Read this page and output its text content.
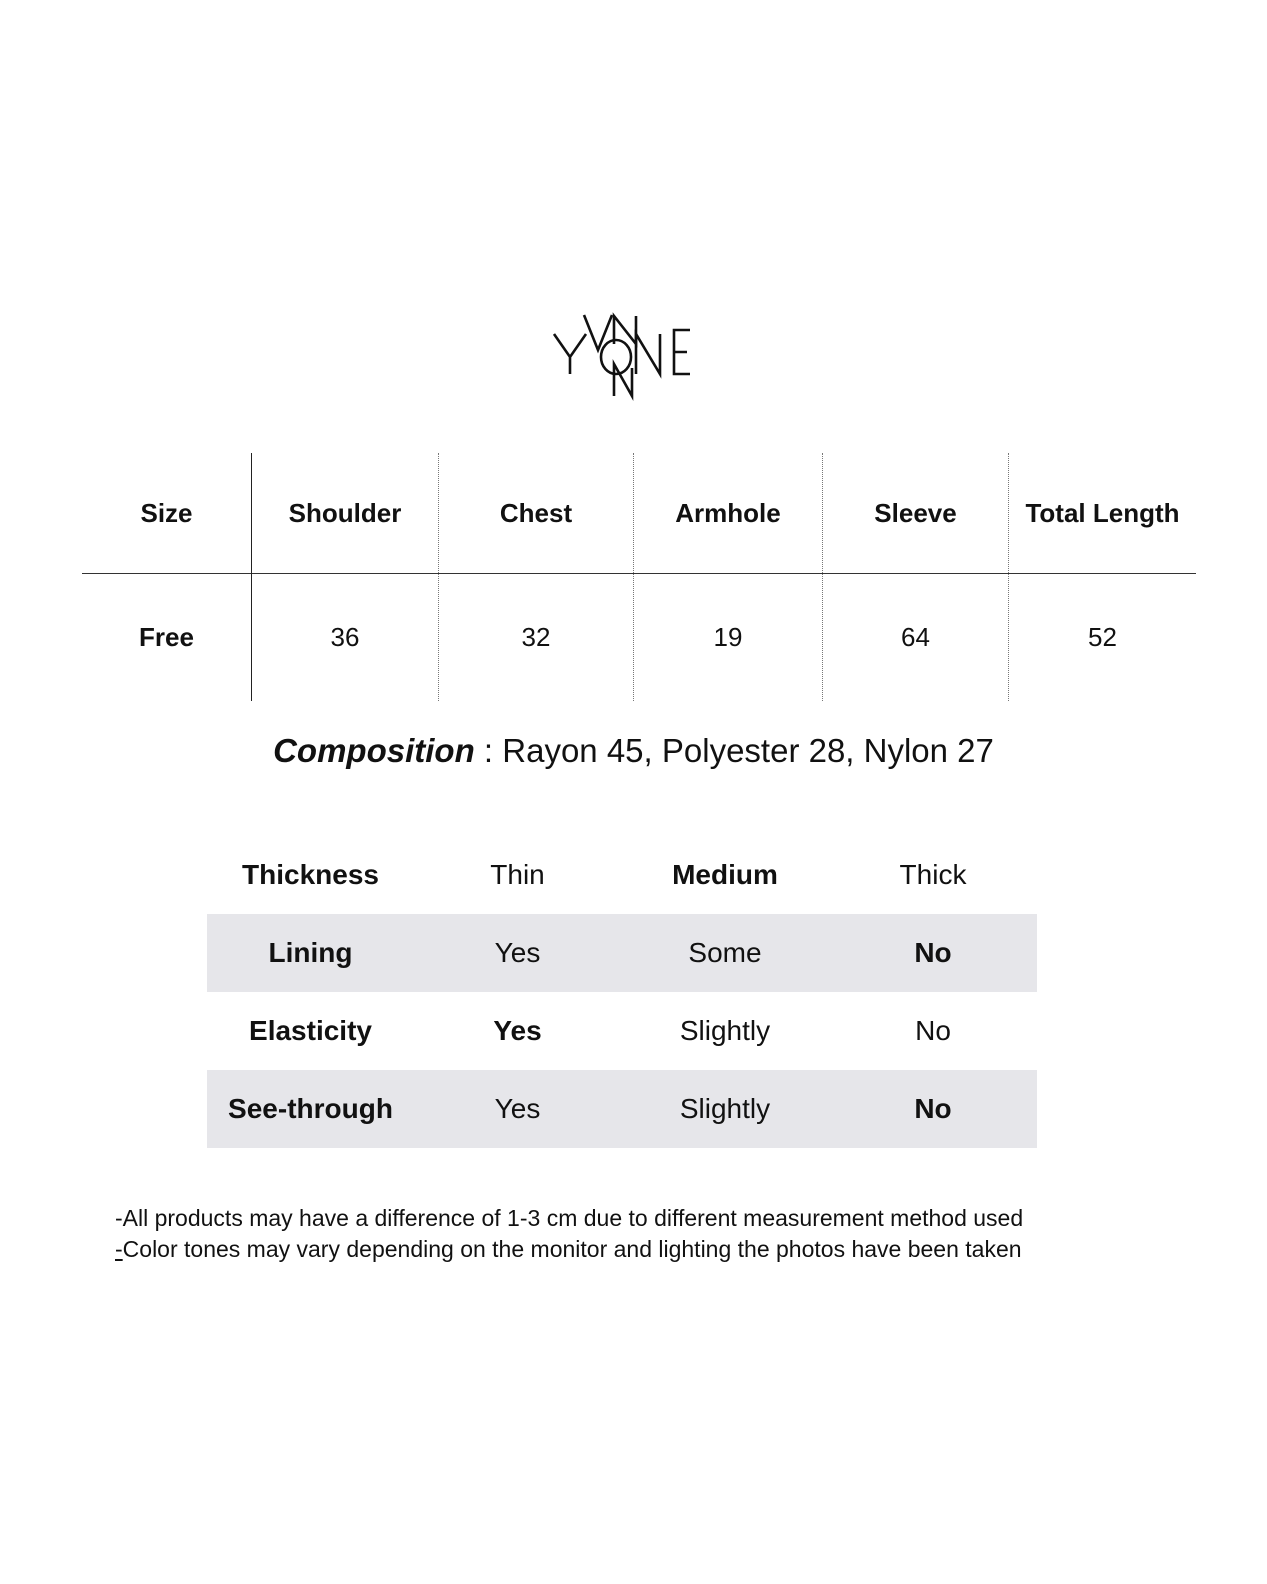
Size	Shoulder	Chest	Armhole	Sleeve	Total Length
Free	36	32	19	64	52
Composition : Rayon 45, Polyester 28, Nylon 27
Thickness	Thin	Medium	Thick
Lining	Yes	Some	No
Elasticity	Yes	Slightly	No
See-through	Yes	Slightly	No
-All products may have a difference of 1-3 cm due to different measurement method used
-Color tones may vary depending on the monitor and lighting the photos have been taken
